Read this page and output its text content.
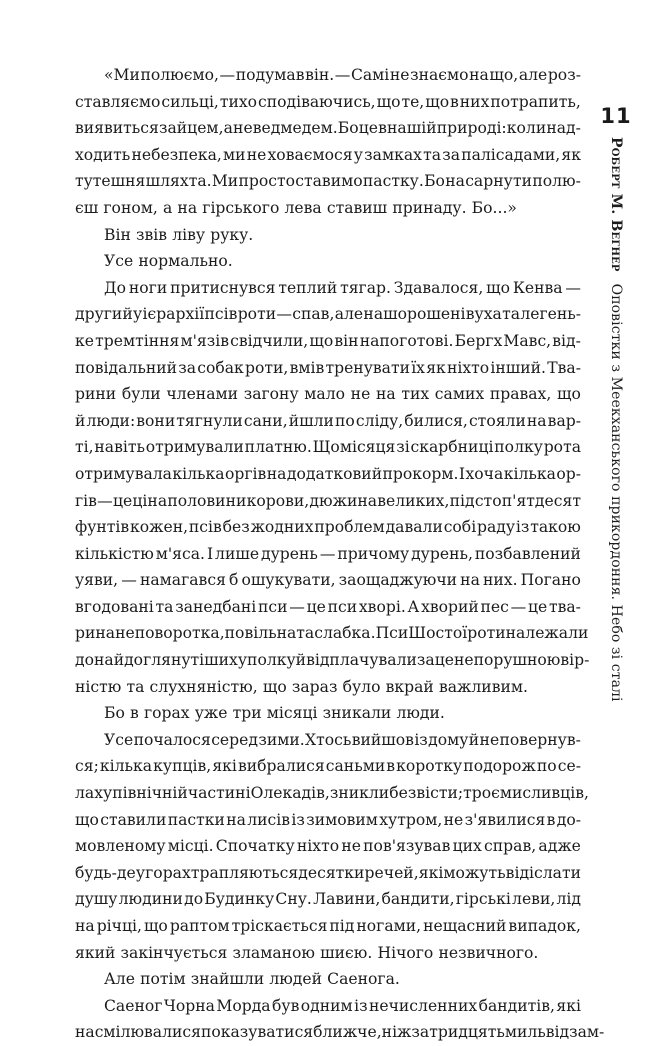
«Ми полюємо, — подумав він. — Самі не знаємо на що, але роз-
ставляємо сильці, тихо сподіваючись, що те, що в них потрапить,
виявиться зайцем, а не ведмедем. Бо це в нашій природі: коли над-
ходить небезпека, ми не ховаємося у замках та за палісадами, як
тутешня шляхта. Ми просто ставимо пастку. Бо на сарну ти полю-
єш гоном, а на гірського лева ставиш принаду. Бо...»
Він звів ліву руку.
Усе нормально.
До ноги притиснувся теплий тягар. Здавалося, що Кенва —
другий у ієрархії псів роти — спав, але нашорошені вуха та легень-
ке тремтіння м'язів свідчили, що він напоготові. Бергх Мавс, від-
повідальний за собак роти, вмів тренувати їх як ніхто інший. Тва-
рини були членами загону мало не на тих самих правах, що
й люди: вони тягнули сани, йшли по сліду, билися, стояли на вар-
ті, навіть отримували платню. Щомісяця зі скарбниці полку рота
отримувала кілька оргів на додатковий прокорм. І хоча кілька ор-
гів — це ціна половини корови, дюжина великих, під сто п'ятдесят
фунтів кожен, псів без жодних проблем давали собі раду із такою
кількістю м'яса. І лише дурень — причому дурень, позбавлений
уяви, — намагався б ошукувати, заощаджуючи на них. Погано
вгодовані та занедбані пси — це пси хворі. А хворий пес — це тва-
рина неповоротка, повільна та слабка. Пси Шостої роти належали
до найдоглянутіших у полку й відплачували за це непорушною вір-
ністю та слухняністю, що зараз було вкрай важливим.
Бо в горах уже три місяці зникали люди.
Усе почалося серед зими. Хтось вийшов із дому й не повернув-
ся; кілька купців, які вибралися саньми в коротку подорож по се-
лах у північній частині Олекадів, зникли безвісти; троє мисливців,
що ставили пастки на лисів із зимовим хутром, не з'явилися в до-
мовленому місці. Спочатку ніхто не пов'язував цих справ, адже
будь-де у горах трапляються десятки речей, які можуть відіслати
душу людини до Будинку Сну. Лавини, бандити, гірські леви, лід
на річці, що раптом тріскається під ногами, нещасний випадок,
який закінчується зламаною шиєю. Нічого незвичного.
Але потім знайшли людей Саенога.
Саеног Чорна Морда був одним із нечисленних бандитів, які
насмілювалися показуватися ближче, ніж за тридцять миль від зам-
11
Роберт М. Вегнер
Оповістки з Меекханського прикордоння. Небо зі сталі
